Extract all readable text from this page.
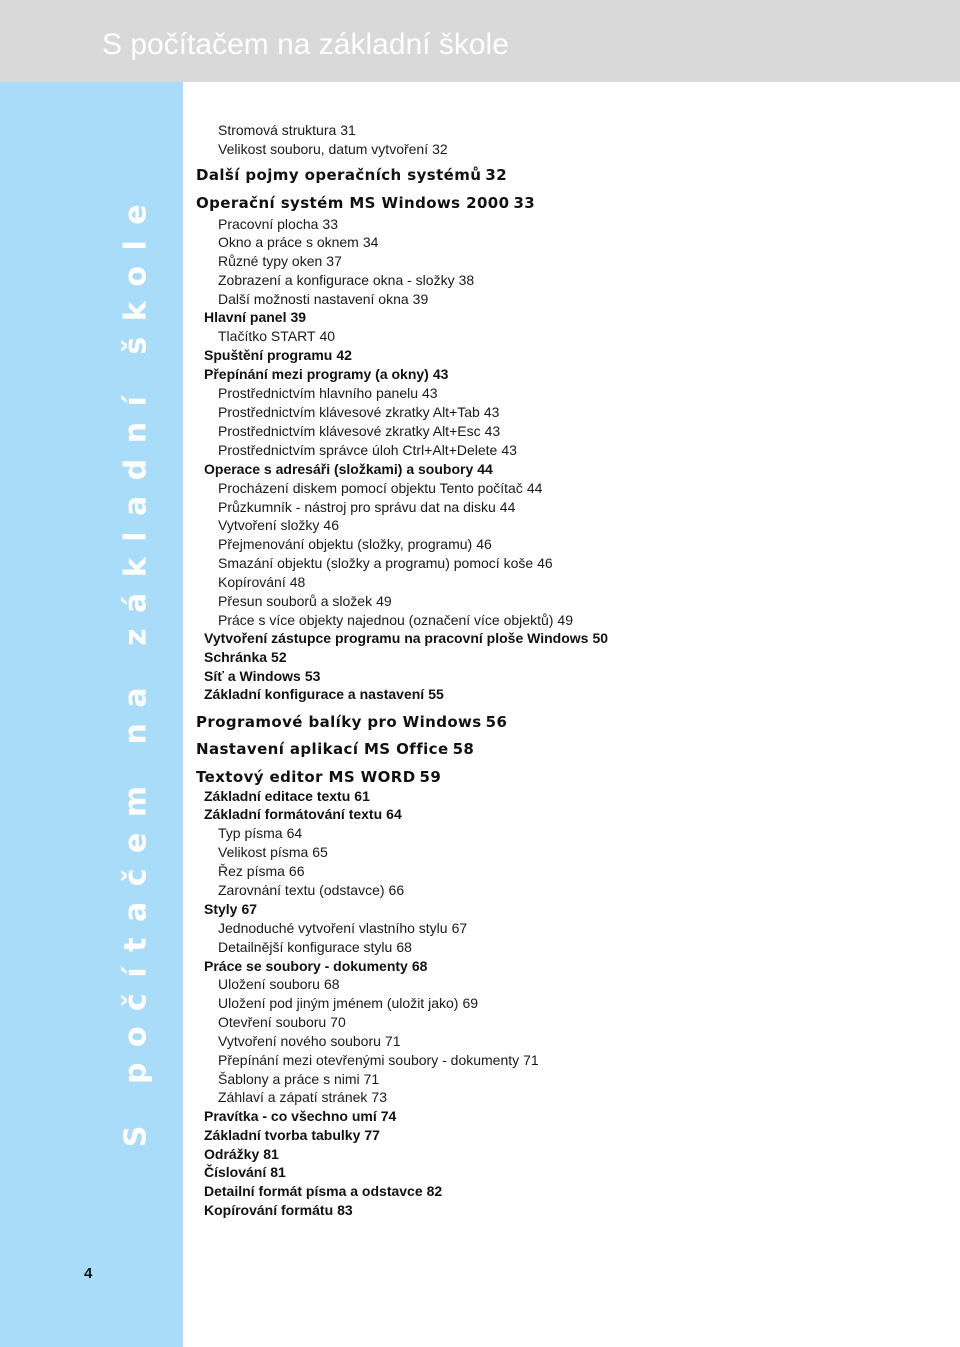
S počítačem na základní škole
S počítačem na základní škole
Stromová struktura 31
Velikost souboru, datum vytvoření 32
Další pojmy operačních systémů 32
Operační systém MS Windows 2000 33
Pracovní plocha 33
Okno a práce s oknem 34
Různé typy oken 37
Zobrazení a konfigurace okna - složky 38
Další možnosti nastavení okna 39
Hlavní panel 39
Tlačítko START 40
Spuštění programu 42
Přepínání mezi programy (a okny) 43
Prostřednictvím hlavního panelu 43
Prostřednictvím klávesové zkratky Alt+Tab 43
Prostřednictvím klávesové zkratky Alt+Esc 43
Prostřednictvím správce úloh Ctrl+Alt+Delete 43
Operace s adresáři (složkami) a soubory 44
Procházení diskem pomocí objektu Tento počítač 44
Průzkumník - nástroj pro správu dat na disku 44
Vytvoření složky 46
Přejmenování objektu (složky, programu) 46
Smazání objektu (složky a programu) pomocí koše 46
Kopírování 48
Přesun souborů a složek 49
Práce s více objekty najednou (označení více objektů) 49
Vytvoření zástupce programu na pracovní ploše Windows 50
Schránka 52
Síť a Windows 53
Základní konfigurace a nastavení 55
Programové balíky pro Windows 56
Nastavení aplikací MS Office 58
Textový editor MS WORD 59
Základní editace textu 61
Základní formátování textu 64
Typ písma 64
Velikost písma 65
Řez písma 66
Zarovnání textu (odstavce) 66
Styly 67
Jednoduché vytvoření vlastního stylu 67
Detailnější konfigurace stylu 68
Práce se soubory - dokumenty 68
Uložení souboru 68
Uložení pod jiným jménem (uložit jako) 69
Otevření souboru 70
Vytvoření nového souboru 71
Přepínání mezi otevřenými soubory - dokumenty 71
Šablony a práce s nimi 71
Záhlaví a zápatí stránek 73
Pravítka - co všechno umí 74
Základní tvorba tabulky 77
Odrážky 81
Číslování 81
Detailní formát písma a odstavce 82
Kopírování formátu 83
4
